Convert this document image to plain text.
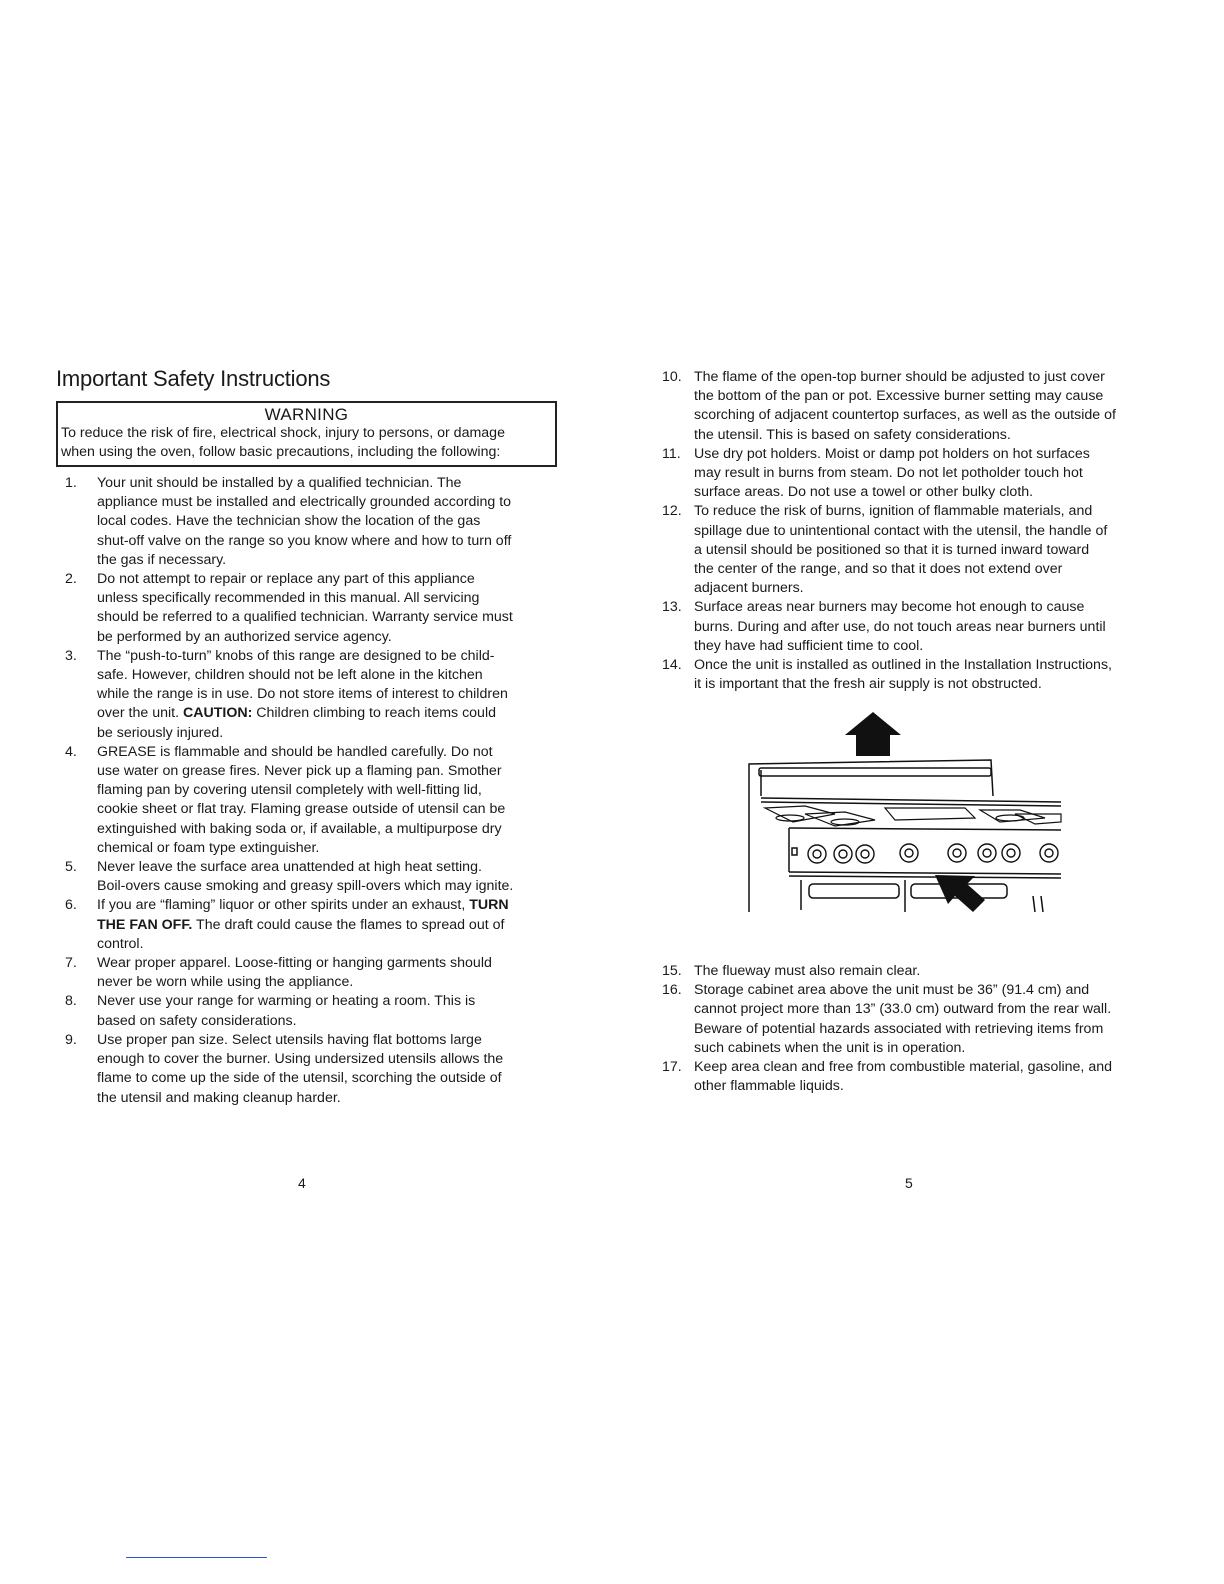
Important Safety Instructions
WARNING
To reduce the risk of fire, electrical shock, injury to persons, or damage
when using the oven, follow basic precautions, including the following:
1.	Your unit should be installed by a qualified technician. The
appliance must be installed and electrically grounded according to
local codes. Have the technician show the location of the gas
shut-off valve on the range so you know where and how to turn off
the gas if necessary.
2.	Do not attempt to repair or replace any part of this appliance
unless specifically recommended in this manual. All servicing
should be referred to a qualified technician. Warranty service must
be performed by an authorized service agency.
3.	The “push-to-turn” knobs of this range are designed to be child-
safe. However, children should not be left alone in the kitchen
while the range is in use. Do not store items of interest to children
over the unit. CAUTION: Children climbing to reach items could
be seriously injured.
4.	GREASE is flammable and should be handled carefully. Do not
use water on grease fires. Never pick up a flaming pan. Smother
flaming pan by covering utensil completely with well-fitting lid,
cookie sheet or flat tray. Flaming grease outside of utensil can be
extinguished with baking soda or, if available, a multipurpose dry
chemical or foam type extinguisher.
5.	Never leave the surface area unattended at high heat setting.
Boil-overs cause smoking and greasy spill-overs which may ignite.
6.	If you are “flaming” liquor or other spirits under an exhaust, TURN
THE FAN OFF. The draft could cause the flames to spread out of
control.
7.	Wear proper apparel. Loose-fitting or hanging garments should
never be worn while using the appliance.
8.	Never use your range for warming or heating a room. This is
based on safety considerations.
9.	Use proper pan size. Select utensils having flat bottoms large
enough to cover the burner. Using undersized utensils allows the
flame to come up the side of the utensil, scorching the outside of
the utensil and making cleanup harder.
4
10. The flame of the open-top burner should be adjusted to just cover
the bottom of the pan or pot. Excessive burner setting may cause
scorching of adjacent countertop surfaces, as well as the outside of
the utensil. This is based on safety considerations.
11. Use dry pot holders. Moist or damp pot holders on hot surfaces
may result in burns from steam. Do not let potholder touch hot
surface areas. Do not use a towel or other bulky cloth.
12. To reduce the risk of burns, ignition of flammable materials, and
spillage due to unintentional contact with the utensil, the handle of
a utensil should be positioned so that it is turned inward toward
the center of the range, and so that it does not extend over
adjacent burners.
13. Surface areas near burners may become hot enough to cause
burns. During and after use, do not touch areas near burners until
they have had sufficient time to cool.
14. Once the unit is installed as outlined in the Installation Instructions,
it is important that the fresh air supply is not obstructed.
15. The flueway must also remain clear.
16. Storage cabinet area above the unit must be 36” (91.4 cm) and
cannot project more than 13” (33.0 cm) outward from the rear wall.
Beware of potential hazards associated with retrieving items from
such cabinets when the unit is in operation.
17. Keep area clean and free from combustible material, gasoline, and
other flammable liquids.
5
